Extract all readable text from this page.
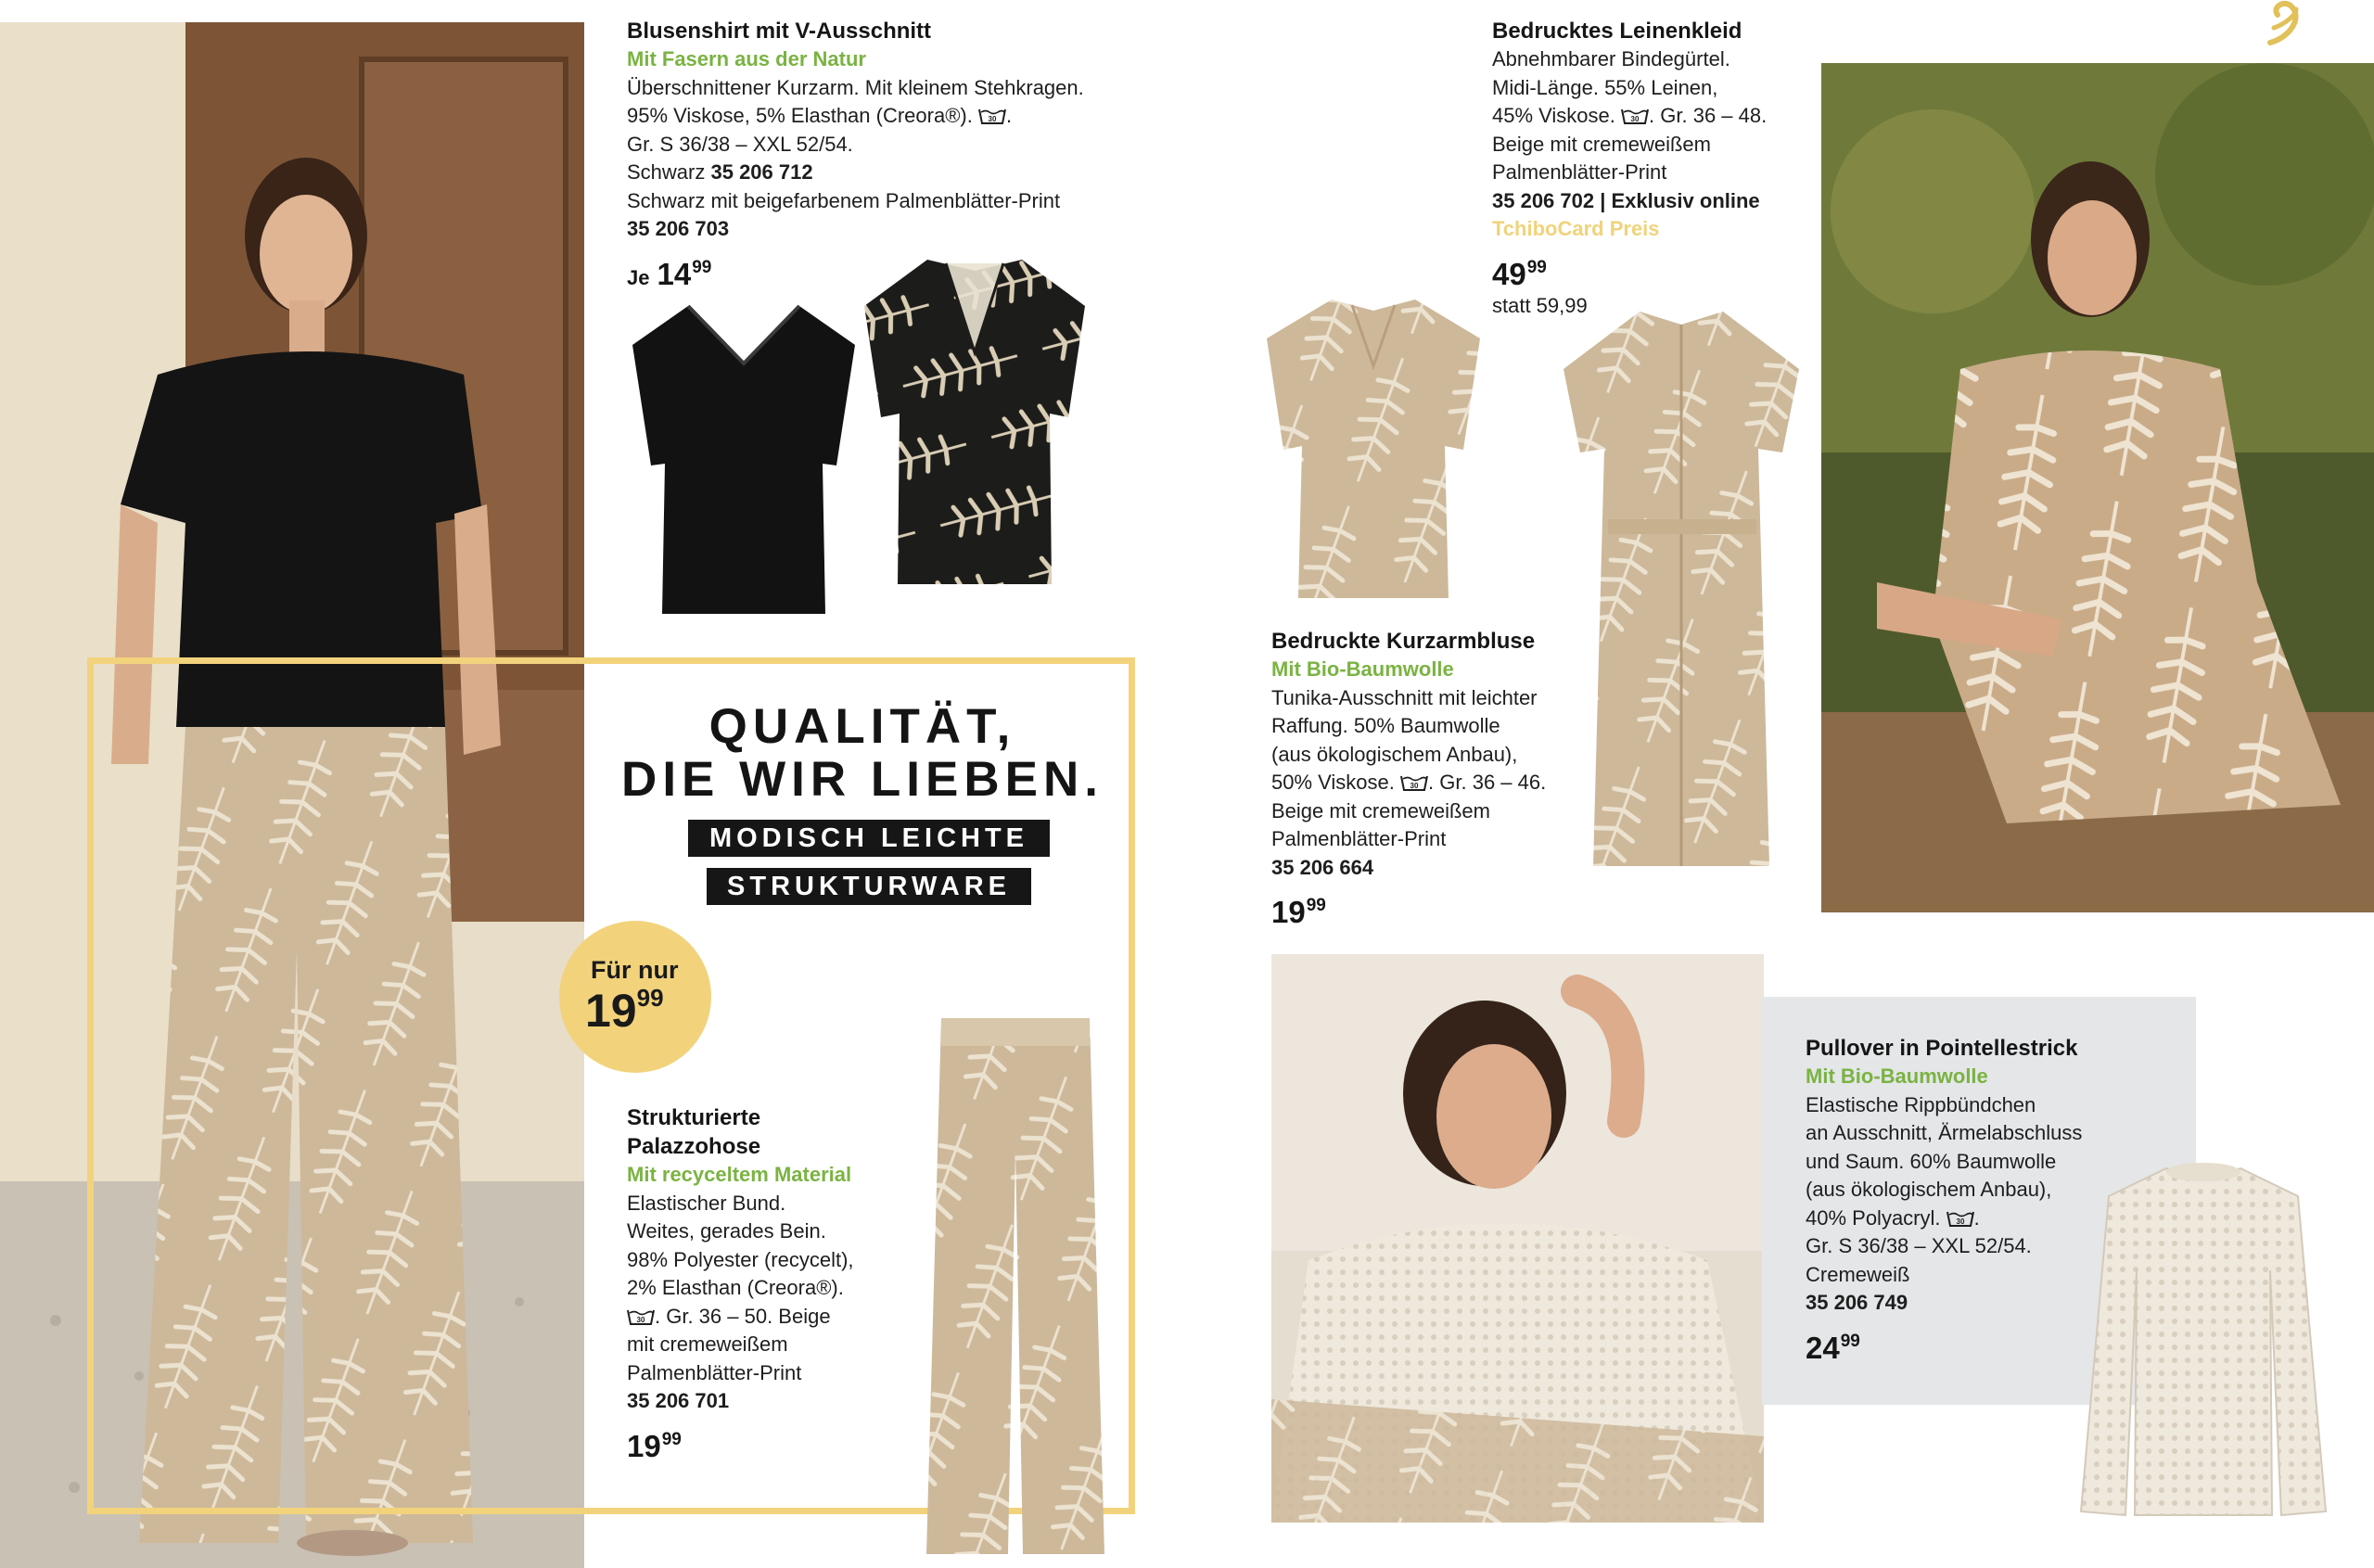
QUALITÄT,
DIE WIR LIEBEN.
MODISCH LEICHTE
STRUKTURWARE
Für nur
$19^{99}$
Blusenshirt mit V-Ausschnitt
Mit Fasern aus der Natur
Überschnittener Kurzarm. Mit kleinem Stehkragen.
95% Viskose, 5% Elasthan (Creora®). .
Gr. S 36/38 – XXL 52/54.
Schwarz 35 206 712
Schwarz mit beigefarbenem Palmenblätter-Print
35 206 703
Je $14^{99}$
Strukturierte
Palazzohose
Mit recyceltem Material
Elastischer Bund.
Weites, gerades Bein.
98% Polyester (recycelt),
2% Elasthan (Creora®).
. Gr. 36 – 50. Beige
mit cremeweißem
Palmenblätter-Print
35 206 701
$19^{99}$
Bedrucktes Leinenkleid
Abnehmbarer Bindegürtel.
Midi-Länge. 55% Leinen,
45% Viskose. . Gr. 36 – 48.
Beige mit cremeweißem
Palmenblätter-Print
35 206 702 | Exklusiv online
TchiboCard Preis
$49^{99}$
statt 59,99
Bedruckte Kurzarmbluse
Mit Bio-Baumwolle
Tunika-Ausschnitt mit leichter
Raffung. 50% Baumwolle
(aus ökologischem Anbau),
50% Viskose. . Gr. 36 – 46.
Beige mit cremeweißem
Palmenblätter-Print
35 206 664
$19^{99}$
Pullover in Pointellestrick
Mit Bio-Baumwolle
Elastische Rippbündchen
an Ausschnitt, Ärmelabschluss
und Saum. 60% Baumwolle
(aus ökologischem Anbau),
40% Polyacryl. .
Gr. S 36/38 – XXL 52/54.
Cremeweiß
35 206 749
$24^{99}$
